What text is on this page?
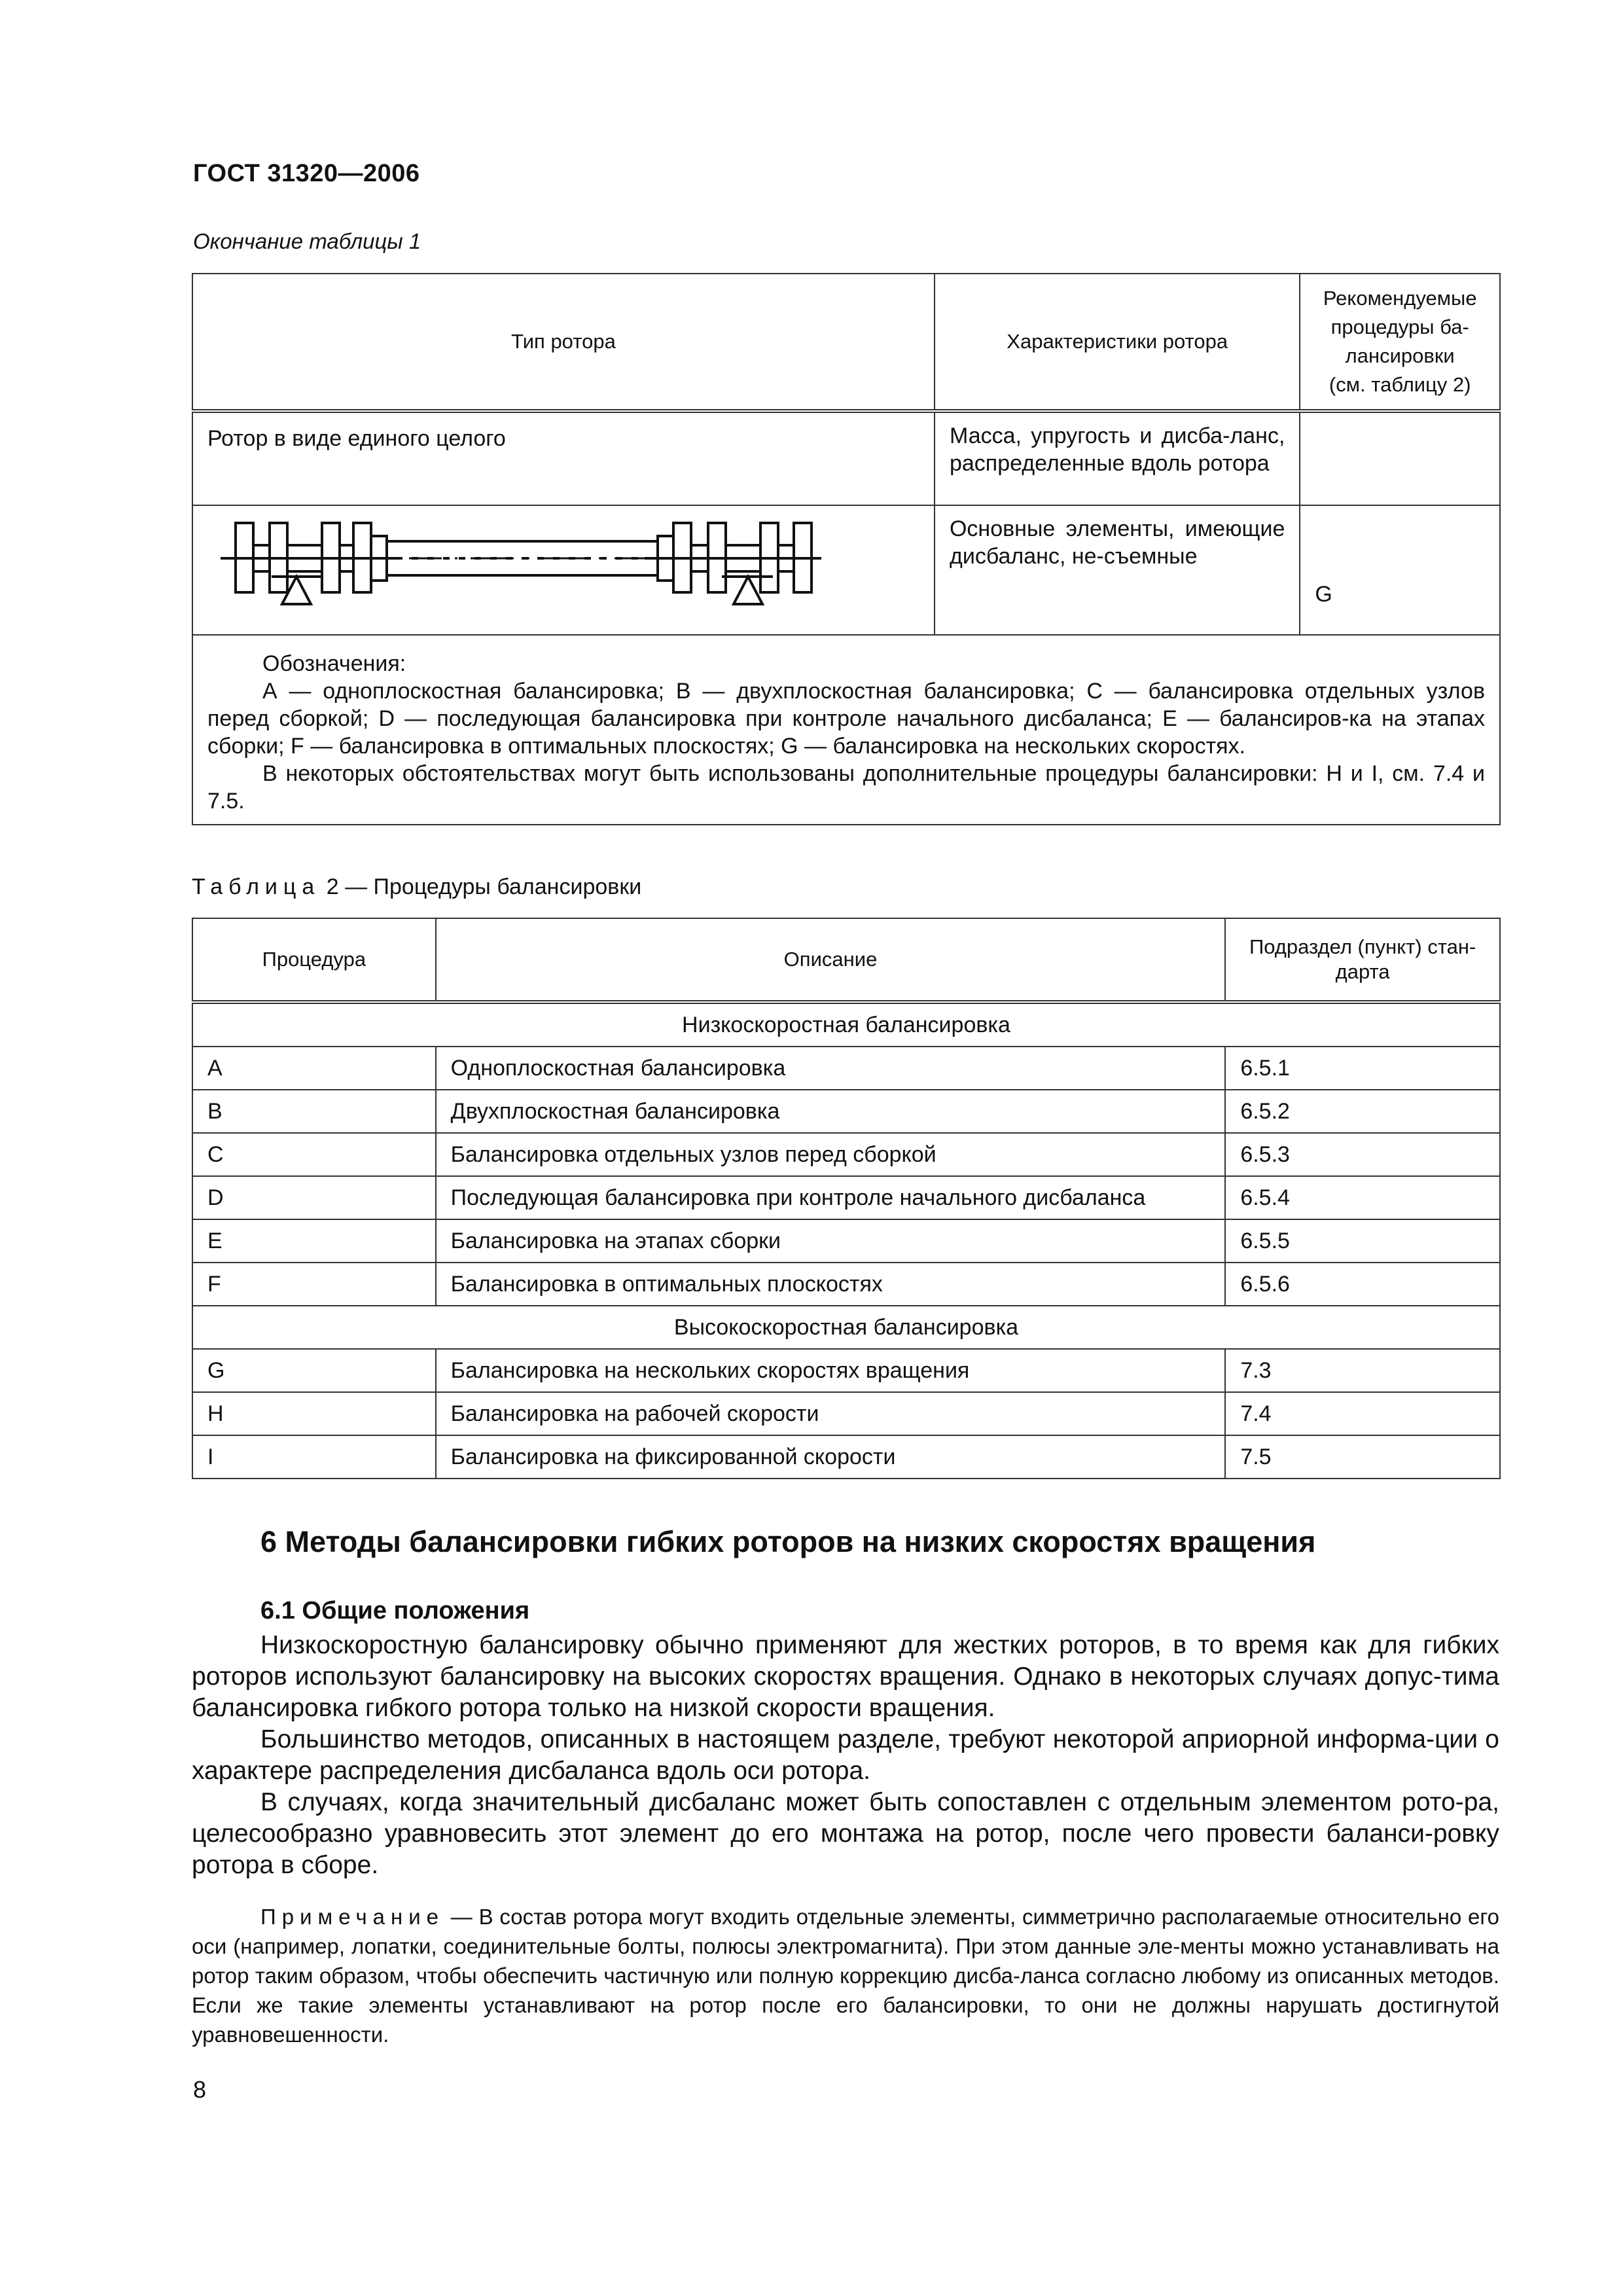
ГОСТ 31320—2006
Окончание таблицы 1
Тип ротора	Характеристики ротора	Рекомендуемые
процедуры ба-
лансировки
(см. таблицу 2)

Ротор в виде единого целого	Масса, упругость и дисба-ланс, распределенные вдоль ротора	
	Основные элементы, имеющие дисбаланс, не-съемные	G

Обозначения:

А — одноплоскостная балансировка; В — двухплоскостная балансировка; С — балансировка отдельных узлов перед сборкой; D — последующая балансировка при контроле начального дисбаланса; Е — балансиров-ка на этапах сборки; F — балансировка в оптимальных плоскостях; G — балансировка на нескольких скоростях.

В некоторых обстоятельствах могут быть использованы дополнительные процедуры балансировки: Н и I, см. 7.4 и 7.5.		

Таблица 2 — Процедуры балансировки
Процедура	Описание	Подраздел (пункт) стан-дарта
Низкоскоростная балансировка		
A	Одноплоскостная балансировка	6.5.1
B	Двухплоскостная балансировка	6.5.2
C	Балансировка отдельных узлов перед сборкой	6.5.3
D	Последующая балансировка при контроле начального дисбаланса	6.5.4
E	Балансировка на этапах сборки	6.5.5
F	Балансировка в оптимальных плоскостях	6.5.6
Высокоскоростная балансировка		
G	Балансировка на нескольких скоростях вращения	7.3
H	Балансировка на рабочей скорости	7.4
I	Балансировка на фиксированной скорости	7.5
6 Методы балансировки гибких роторов на низких скоростях вращения
6.1 Общие положения

Низкоскоростную балансировку обычно применяют для жестких роторов, в то время как для гибких роторов используют балансировку на высоких скоростях вращения. Однако в некоторых случаях допус-тима балансировка гибкого ротора только на низкой скорости вращения.

Большинство методов, описанных в настоящем разделе, требуют некоторой априорной информа-ции о характере распределения дисбаланса вдоль оси ротора.

В случаях, когда значительный дисбаланс может быть сопоставлен с отдельным элементом рото-ра, целесообразно уравновесить этот элемент до его монтажа на ротор, после чего провести баланси-ровку ротора в сборе.

Примечание — В состав ротора могут входить отдельные элементы, симметрично располагаемые относительно его оси (например, лопатки, соединительные болты, полюсы электромагнита). При этом данные эле-менты можно устанавливать на ротор таким образом, чтобы обеспечить частичную или полную коррекцию дисба-ланса согласно любому из описанных методов. Если же такие элементы устанавливают на ротор после его балансировки, то они не должны нарушать достигнутой уравновешенности.

8
